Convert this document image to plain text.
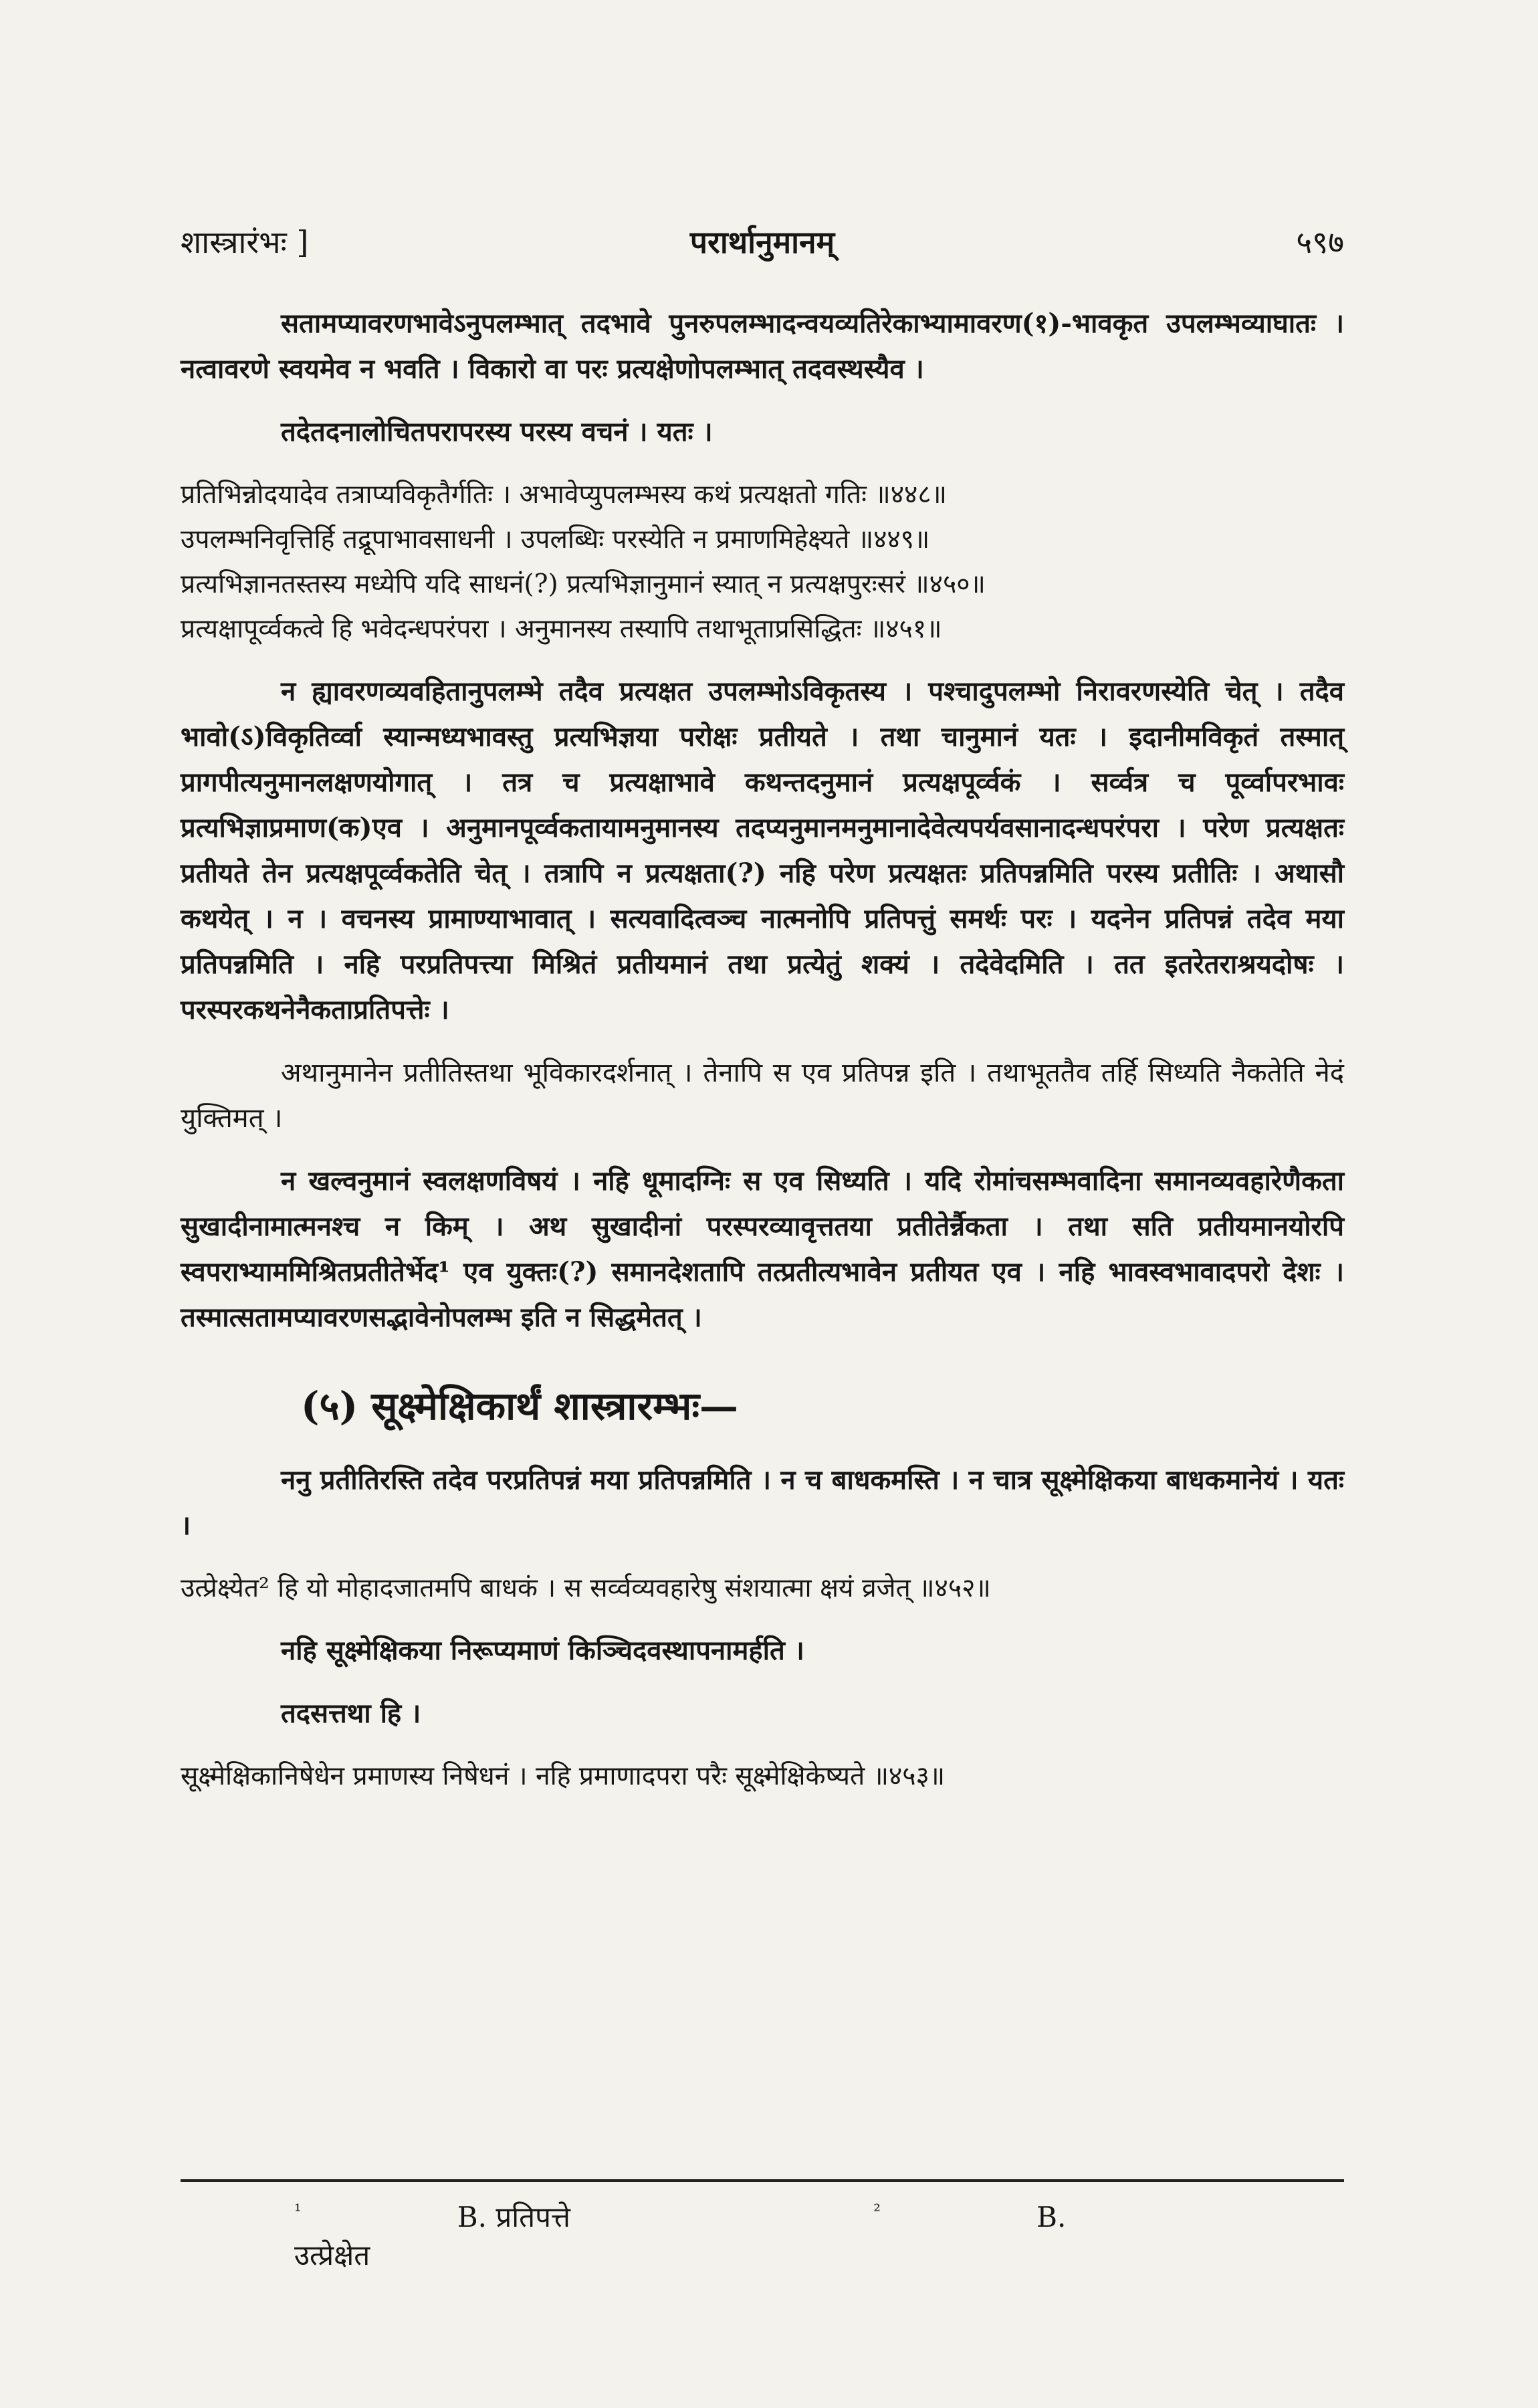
शास्त्रारंभः ]	परार्थानुमानम्	५९७

सतामप्यावरणभावेऽनुपलम्भात् तदभावे पुनरुपलम्भादन्वयव्यतिरेकाभ्यामावरण(१)-भावकृत उपलम्भव्याघातः । नत्वावरणे स्वयमेव न भवति । विकारो वा परः प्रत्यक्षेणोपलम्भात् तदवस्थस्यैव ।

तदेतदनालोचितपरापरस्य परस्य वचनं । यतः ।

प्रतिभिन्नोदयादेव तत्राप्यविकृतैर्गतिः । अभावेप्युपलम्भस्य कथं प्रत्यक्षतो गतिः ॥४४८॥

उपलम्भनिवृत्तिर्हि तद्रूपाभावसाधनी । उपलब्धिः परस्येति न प्रमाणमिहेक्ष्यते ॥४४९॥

प्रत्यभिज्ञानतस्तस्य मध्येपि यदि साधनं(?) प्रत्यभिज्ञानुमानं स्यात् न प्रत्यक्षपुरःसरं ॥४५०॥

प्रत्यक्षापूर्व्वकत्वे हि भवेदन्धपरंपरा । अनुमानस्य तस्यापि तथाभूताप्रसिद्धितः ॥४५१॥

न ह्यावरणव्यवहितानुपलम्भे तदैव प्रत्यक्षत उपलम्भोऽविकृतस्य । पश्चादुपलम्भो निरावरणस्येति चेत् । तदैव भावो(ऽ)विकृतिर्व्वा स्यान्मध्यभावस्तु प्रत्यभिज्ञया परोक्षः प्रतीयते । तथा चानुमानं यतः । इदानीमविकृतं तस्मात् प्रागपीत्यनुमानलक्षणयोगात् । तत्र च प्रत्यक्षाभावे कथन्तदनुमानं प्रत्यक्षपूर्व्वकं । सर्व्वत्र च पूर्व्वापरभावः प्रत्यभिज्ञाप्रमाण(क)एव । अनुमानपूर्व्वकतायामनुमानस्य तदप्यनुमानमनुमानादेवेत्यपर्यवसानादन्धपरंपरा । परेण प्रत्यक्षतः प्रतीयते तेन प्रत्यक्षपूर्व्वकतेति चेत् । तत्रापि न प्रत्यक्षता(?) नहि परेण प्रत्यक्षतः प्रतिपन्नमिति परस्य प्रतीतिः । अथासौ कथयेत् । न । वचनस्य प्रामाण्याभावात् । सत्यवादित्वञ्च नात्मनोपि प्रतिपत्तुं समर्थः परः । यदनेन प्रतिपन्नं तदेव मया प्रतिपन्नमिति । नहि परप्रतिपत्त्या मिश्रितं प्रतीयमानं तथा प्रत्येतुं शक्यं । तदेवेदमिति । तत इतरेतराश्रयदोषः । परस्परकथनेनैकताप्रतिपत्तेः ।

अथानुमानेन प्रतीतिस्तथा भूविकारदर्शनात् । तेनापि स एव प्रतिपन्न इति । तथाभूततैव तर्हि सिध्यति नैकतेति नेदं युक्तिमत् ।

न खल्वनुमानं स्वलक्षणविषयं । नहि धूमादग्निः स एव सिध्यति । यदि रोमांचसम्भवादिना समानव्यवहारेणैकता सुखादीनामात्मनश्च न किम् । अथ सुखादीनां परस्परव्यावृत्ततया प्रतीतेर्न्नैकता । तथा सति प्रतीयमानयोरपि स्वपराभ्याममिश्रितप्रतीतेर्भेद¹ एव युक्तः(?) समानदेशतापि तत्प्रतीत्यभावेन प्रतीयत एव । नहि भावस्वभावादपरो देशः । तस्मात्सतामप्यावरणसद्भावेनोपलम्भ इति न सिद्धमेतत् ।

(५) सूक्ष्मेक्षिकार्थं शास्त्रारम्भः—

ननु प्रतीतिरस्ति तदेव परप्रतिपन्नं मया प्रतिपन्नमिति । न च बाधकमस्ति । न चात्र सूक्ष्मेक्षिकया बाधकमानेयं । यतः ।

उत्प्रेक्ष्येत² हि यो मोहादजातमपि बाधकं । स सर्व्वव्यवहारेषु संशयात्मा क्षयं व्रजेत् ॥४५२॥

नहि सूक्ष्मेक्षिकया निरूप्यमाणं किञ्चिदवस्थापनामर्हति ।

तदसत्तथा हि ।

सूक्ष्मेक्षिकानिषेधेन प्रमाणस्य निषेधनं । नहि प्रमाणादपरा परैः सूक्ष्मेक्षिकेष्यते ॥४५३॥

$^{^1}$	B. प्रतिपत्ते	$^{^2}$	B. उत्प्रेक्षेत
